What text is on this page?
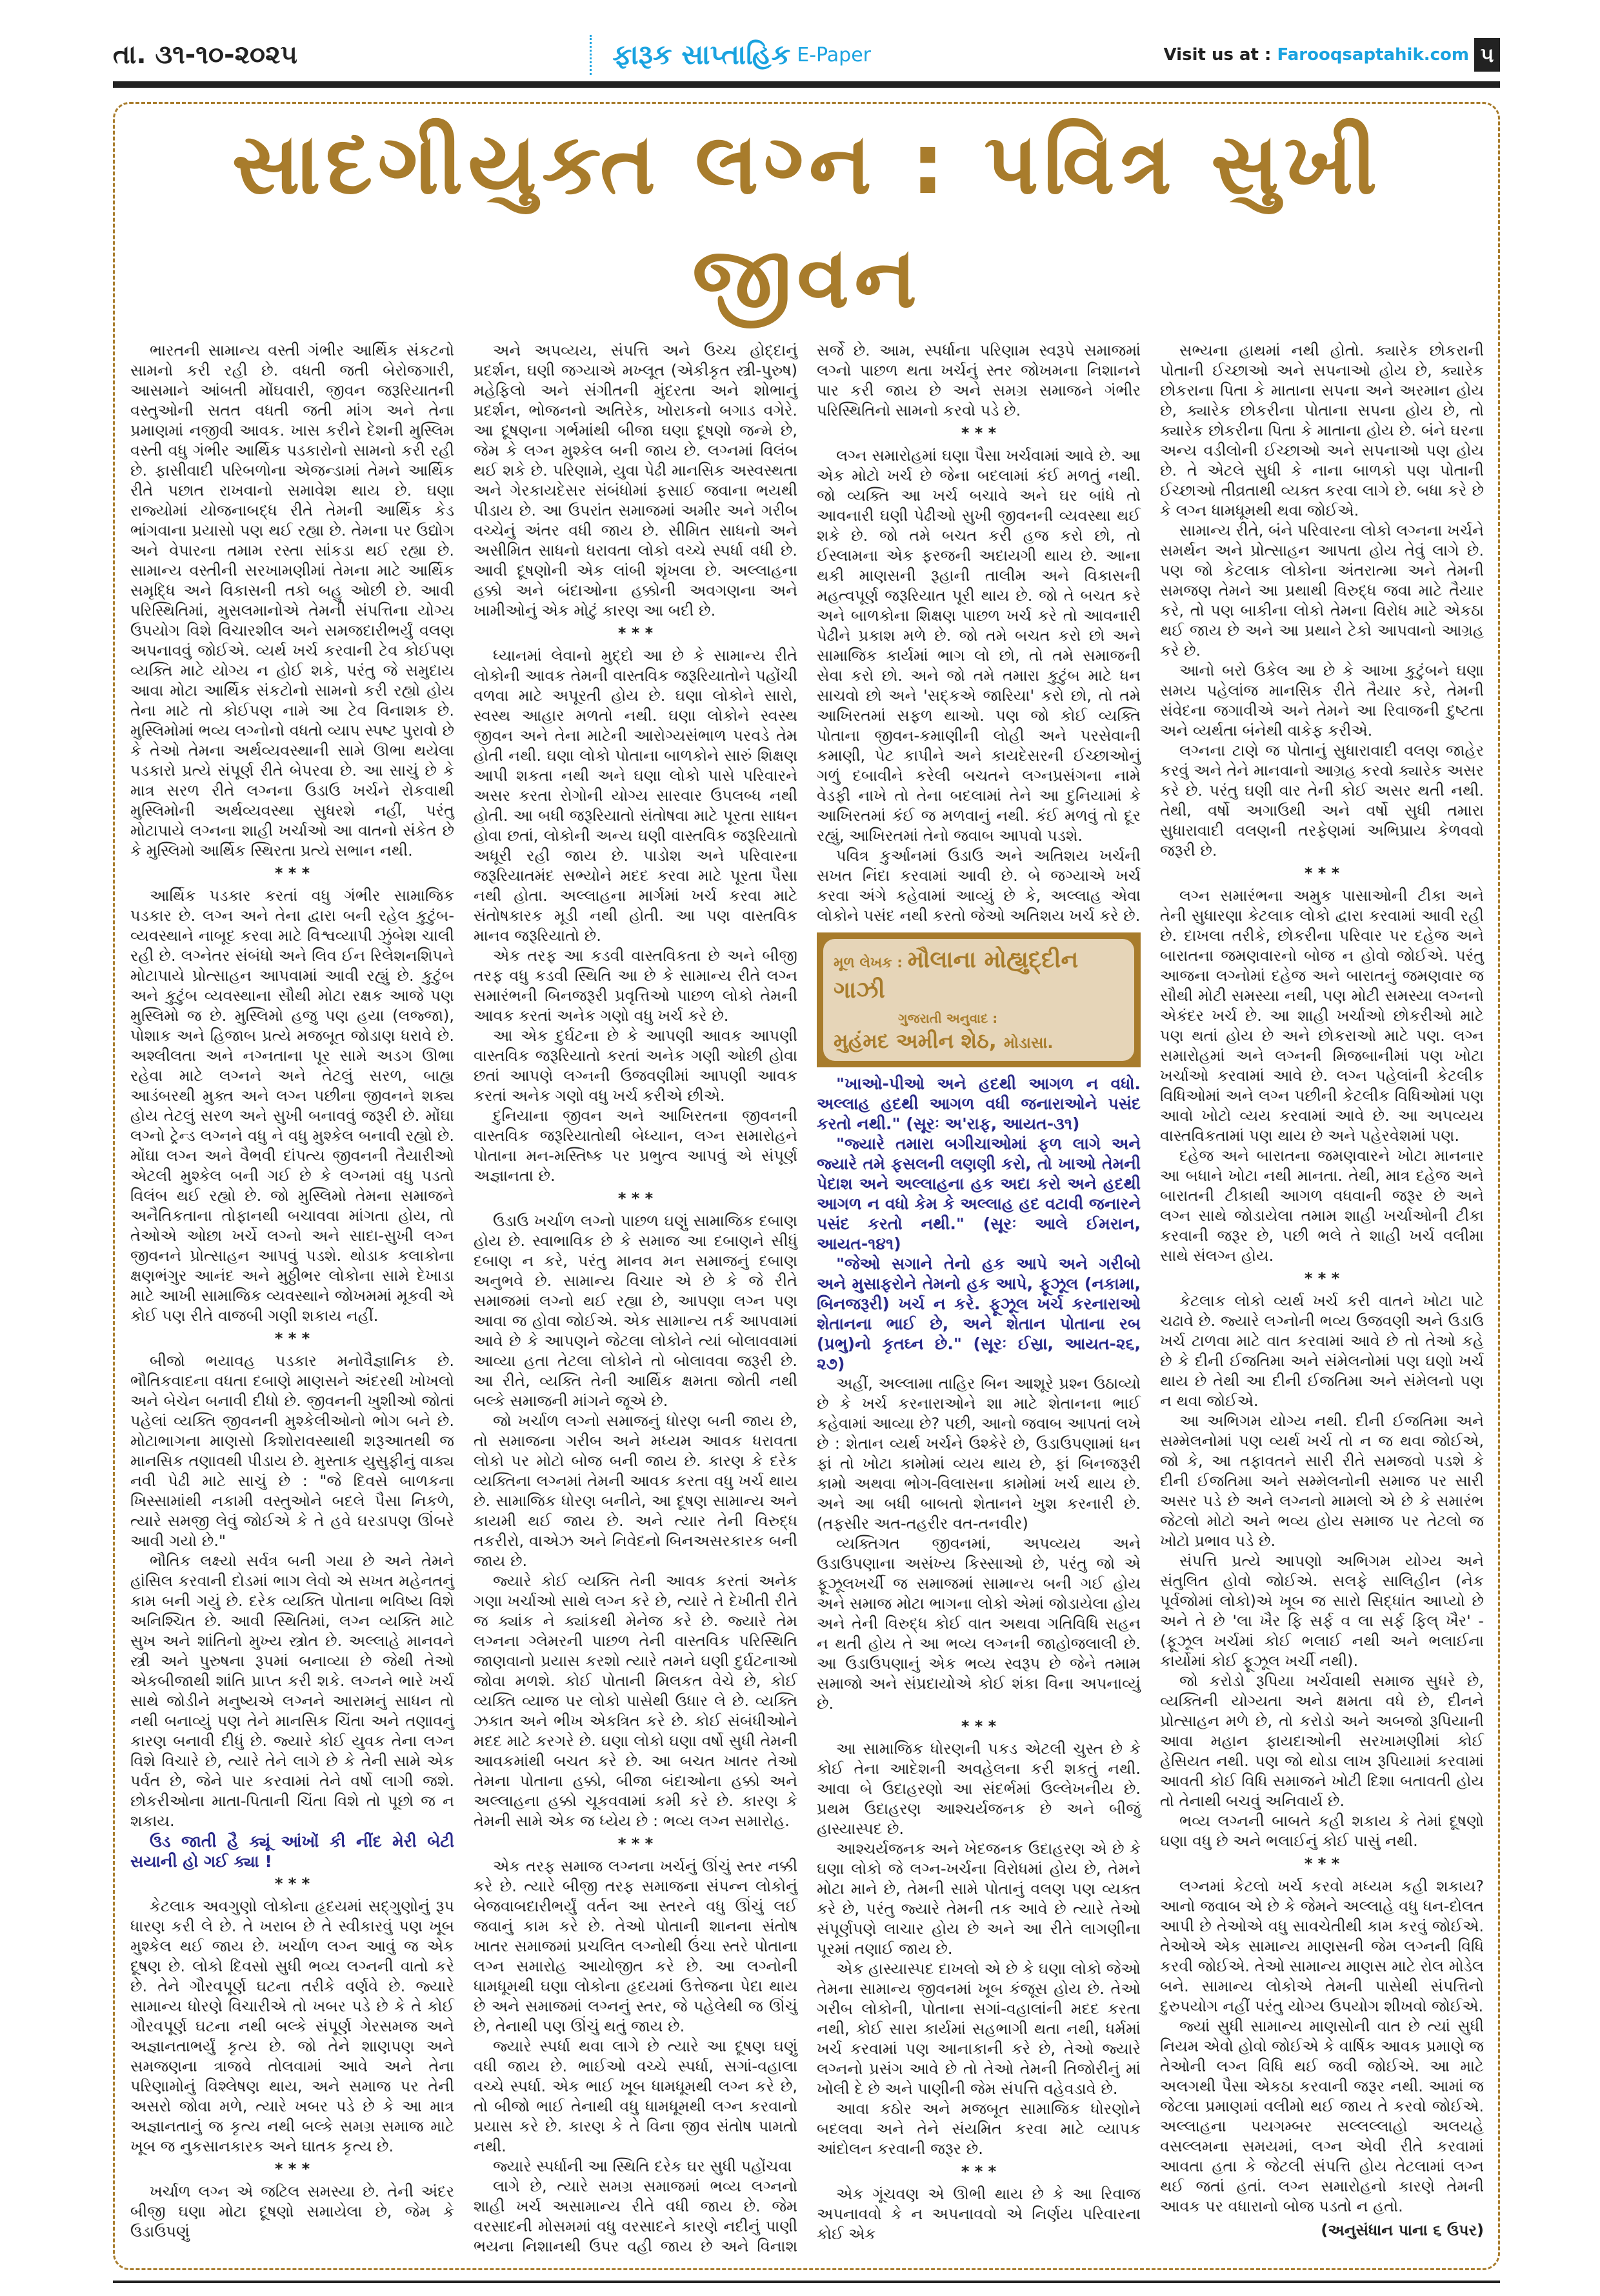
તા. ૩૧-૧૦-૨૦૨૫	ફારૂક સાપ્તાહિક E-Paper	Visit us at : Farooqsaptahik.com ૫
સાદગીયુક્ત લગ્ન : પવિત્ર સુખી જીવન

ભારતની સામાન્ય વસ્તી ગંભીર આર્થિક સંકટનો સામનો કરી રહી છે. વધતી જતી બેરોજગારી, આસમાને આંબતી મોંઘવારી, જીવન જરૂરિયાતની વસ્તુઓની સતત વધતી જતી માંગ અને તેના પ્રમાણમાં નજીવી આવક. ખાસ કરીને દેશની મુસ્લિમ વસ્તી વધુ ગંભીર આર્થિક પડકારોનો સામનો કરી રહી છે. ફાસીવાદી પરિબળોના એજન્ડામાં તેમને આર્થિક રીતે પછાત રાખવાનો સમાવેશ થાય છે. ઘણા રાજ્યોમાં યોજનાબદ્ધ રીતે તેમની આર્થિક કેડ ભાંગવાના પ્રયાસો પણ થઈ રહ્યા છે. તેમના પર ઉદ્યોગ અને વેપારના તમામ રસ્તા સાંકડા થઈ રહ્યા છે. સામાન્ય વસ્તીની સરખામણીમાં તેમના માટે આર્થિક સમૃદ્ધિ અને વિકાસની તકો બહુ ઓછી છે. આવી પરિસ્થિતિમાં, મુસલમાનોએ તેમની સંપત્તિના યોગ્ય ઉપયોગ વિશે વિચારશીલ અને સમજદારીભર્યું વલણ અપનાવવું જોઈએ. વ્યર્થ ખર્ચ કરવાની ટેવ કોઈપણ વ્યક્તિ માટે યોગ્ય ન હોઈ શકે, પરંતુ જે સમુદાય આવા મોટા આર્થિક સંકટોનો સામનો કરી રહ્યો હોય તેના માટે તો કોઈપણ નામે આ ટેવ વિનાશક છે. મુસ્લિમોમાં ભવ્ય લગ્નોનો વધતો વ્યાપ સ્પષ્ટ પુરાવો છે કે તેઓ તેમના અર્થવ્યવસ્થાની સામે ઊભા થયેલા પડકારો પ્રત્યે સંપૂર્ણ રીતે બેપરવા છે. આ સાચું છે કે માત્ર સરળ રીતે લગ્નના ઉડાઉ ખર્ચને રોકવાથી મુસ્લિમોની અર્થવ્યવસ્થા સુધરશે નહીં, પરંતુ મોટાપાયે લગ્નના શાહી ખર્ચાઓ આ વાતનો સંકેત છે કે મુસ્લિમો આર્થિક સ્થિરતા પ્રત્યે સભાન નથી.

* * *

આર્થિક પડકાર કરતાં વધુ ગંભીર સામાજિક પડકાર છે. લગ્ન અને તેના દ્વારા બની રહેલ કુટુંબ-વ્યવસ્થાને નાબૂદ કરવા માટે વિશ્વવ્યાપી ઝુંબેશ ચાલી રહી છે. લગ્નેતર સંબંધો અને લિવ ઈન રિલેશનશિપને મોટાપાયે પ્રોત્સાહન આપવામાં આવી રહ્યું છે. કુટુંબ અને કુટુંબ વ્યવસ્થાના સૌથી મોટા રક્ષક આજે પણ મુસ્લિમો જ છે. મુસ્લિમો હજુ પણ હયા (લજ્જા), પોશાક અને હિજાબ પ્રત્યે મજબૂત જોડાણ ધરાવે છે. અશ્લીલતા અને નગ્નતાના પૂર સામે અડગ ઊભા રહેવા માટે લગ્નને અને તેટલું સરળ, બાહ્ય આડંબરથી મુક્ત અને લગ્ન પછીના જીવનને શક્ય હોય તેટલું સરળ અને સુખી બનાવવું જરૂરી છે. મોંઘા લગ્નો ટ્રેન્ડ લગ્નને વધુ ને વધુ મુશ્કેલ બનાવી રહ્યો છે. મોંઘા લગ્ન અને વૈભવી દાંપત્ય જીવનની તૈયારીઓ એટલી મુશ્કેલ બની ગઈ છે કે લગ્નમાં વધુ પડતો વિલંબ થઈ રહ્યો છે. જો મુસ્લિમો તેમના સમાજને અનૈતિકતાના તોફાનથી બચાવવા માંગતા હોય, તો તેઓએ ઓછા ખર્ચે લગ્નો અને સાદા-સુખી લગ્ન જીવનને પ્રોત્સાહન આપવું પડશે. થોડાક કલાકોના ક્ષણભંગુર આનંદ અને મુઠ્ઠીભર લોકોના સામે દેખાડા માટે આખી સામાજિક વ્યવસ્થાને જોખમમાં મૂકવી એ કોઈ પણ રીતે વાજબી ગણી શકાય નહીં.

* * *

બીજો ભયાવહ પડકાર મનોવૈજ્ઞાનિક છે. ભૌતિકવાદના વધતા દબાણે માણસને અંદરથી ખોખલો અને બેચેન બનાવી દીધો છે. જીવનની ખુશીઓ જોતાં પહેલાં વ્યક્તિ જીવનની મુશ્કેલીઓનો ભોગ બને છે. મોટાભાગના માણસો કિશોરાવસ્થાથી શરૂઆતથી જ માનસિક તણાવથી પીડાય છે. મુસ્તાક યુસુફીનું વાક્ય નવી પેઢી માટે સાચું છે : "જે દિવસે બાળકના ખિસ્સામાંથી નકામી વસ્તુઓને બદલે પૈસા નિકળે, ત્યારે સમજી લેવું જોઈએ કે તે હવે ઘરડાપણ ઊંબરે આવી ગયો છે."

ભૌતિક લક્ષ્યો સર્વત્ર બની ગયા છે અને તેમને હાંસિલ કરવાની દોડમાં ભાગ લેવો એ સખત મહેનતનું કામ બની ગયું છે. દરેક વ્યક્તિ પોતાના ભવિષ્ય વિશે અનિશ્ચિત છે. આવી સ્થિતિમાં, લગ્ન વ્યક્તિ માટે સુખ અને શાંતિનો મુખ્ય સ્ત્રોત છે. અલ્લાહે માનવને સ્ત્રી અને પુરુષના રૂપમાં બનાવ્યા છે જેથી તેઓ એકબીજાથી શાંતિ પ્રાપ્ત કરી શકે. લગ્નને ભારે ખર્ચ સાથે જોડીને મનુષ્યએ લગ્નને આરામનું સાધન તો નથી બનાવ્યું પણ તેને માનસિક ચિંતા અને તણાવનું કારણ બનાવી દીધું છે. જ્યારે કોઈ યુવક તેના લગ્ન વિશે વિચારે છે, ત્યારે તેને લાગે છે કે તેની સામે એક પર્વત છે, જેને પાર કરવામાં તેને વર્ષો લાગી જશે. છોકરીઓના માતા-પિતાની ચિંતા વિશે તો પૂછો જ ન શકાય.

ઉડ જાતી હૈ ક્યૂં આંખોં કી નીંદ મેરી બેટી સયાની હો ગઈ ક્યા !

* * *

કેટલાક અવગુણો લોકોના હૃદયમાં સદ્ગુણોનું રૂપ ધારણ કરી લે છે. તે ખરાબ છે તે સ્વીકારવું પણ ખૂબ મુશ્કેલ થઈ જાય છે. ખર્ચાળ લગ્ન આવું જ એક દૂષણ છે. લોકો દિવસો સુધી ભવ્ય લગ્નની વાતો કરે છે. તેને ગૌરવપૂર્ણ ઘટના તરીકે વર્ણવે છે. જ્યારે સામાન્ય ધોરણે વિચારીએ તો ખબર પડે છે કે તે કોઈ ગૌરવપૂર્ણ ઘટના નથી બલ્કે સંપૂર્ણ ગેરસમજ અને અજ્ઞાનતાભર્યું કૃત્ય છે. જો તેને શાણપણ અને સમજણના ત્રાજવે તોલવામાં આવે અને તેના પરિણામોનું વિશ્લેષણ થાય, અને સમાજ પર તેની અસરો જોવા મળે, ત્યારે ખબર પડે છે કે આ માત્ર અજ્ઞાનતાનું જ કૃત્ય નથી બલ્કે સમગ્ર સમાજ માટે ખૂબ જ નુકસાનકારક અને ઘાતક કૃત્ય છે.

* * *

ખર્ચાળ લગ્ન એ જટિલ સમસ્યા છે. તેની અંદર બીજી ઘણા મોટા દૂષણો સમાયેલા છે, જેમ કે ઉડાઉપણું

અને અપવ્યય, સંપત્તિ અને ઉચ્ચ હોદ્દાનું પ્રદર્શન, ઘણી જગ્યાએ મખ્લૂત (એકીકૃત સ્ત્રી-પુરુષ) મહેફિલો અને સંગીતની મુંદરતા અને શોભાનું પ્રદર્શન, ભોજનનો અતિરેક, ખોરાકનો બગાડ વગેરે. આ દૂષણના ગર્ભમાંથી બીજા ઘણા દૂષણો જન્મે છે, જેમ કે લગ્ન મુશ્કેલ બની જાય છે. લગ્નમાં વિલંબ થઈ શકે છે. પરિણામે, યુવા પેઢી માનસિક અસ્વસ્થતા અને ગેરકાયદેસર સંબંધોમાં ફસાઈ જવાના ભયથી પીડાય છે. આ ઉપરાંત સમાજમાં અમીર અને ગરીબ વચ્ચેનું અંતર વધી જાય છે. સીમિત સાધનો અને અસીમિત સાધનો ધરાવતા લોકો વચ્ચે સ્પર્ધા વધી છે. આવી દૂષણોની એક લાંબી શૃંખલા છે. અલ્લાહના હક્કો અને બંદાઓના હક્કોની અવગણના અને ખામીઓનું એક મોટું કારણ આ બદી છે.

* * *

ધ્યાનમાં લેવાનો મુદ્દો આ છે કે સામાન્ય રીતે લોકોની આવક તેમની વાસ્તવિક જરૂરિયાતોને પહોંચી વળવા માટે અપૂરતી હોય છે. ઘણા લોકોને સારો, સ્વસ્થ આહાર મળતો નથી. ઘણા લોકોને સ્વસ્થ જીવન અને તેના માટેની આરોગ્યસંભાળ પરવડે તેમ હોતી નથી. ઘણા લોકો પોતાના બાળકોને સારું શિક્ષણ આપી શકતા નથી અને ઘણા લોકો પાસે પરિવારને અસર કરતા રોગોની યોગ્ય સારવાર ઉપલબ્ધ નથી હોતી. આ બધી જરૂરિયાતો સંતોષવા માટે પૂરતા સાધન હોવા છતાં, લોકોની અન્ય ઘણી વાસ્તવિક જરૂરિયાતો અધૂરી રહી જાય છે. પાડોશ અને પરિવારના જરૂરિયાતમંદ સભ્યોને મદદ કરવા માટે પૂરતા પૈસા નથી હોતા. અલ્લાહના માર્ગમાં ખર્ચ કરવા માટે સંતોષકારક મૂડી નથી હોતી. આ પણ વાસ્તવિક માનવ જરૂરિયાતો છે.

એક તરફ આ કડવી વાસ્તવિકતા છે અને બીજી તરફ વધુ કડવી સ્થિતિ આ છે કે સામાન્ય રીતે લગ્ન સમારંભની બિનજરૂરી પ્રવૃત્તિઓ પાછળ લોકો તેમની આવક કરતાં અનેક ગણો વધુ ખર્ચ કરે છે.

આ એક દુર્ઘટના છે કે આપણી આવક આપણી વાસ્તવિક જરૂરિયાતો કરતાં અનેક ગણી ઓછી હોવા છતાં આપણે લગ્નની ઉજવણીમાં આપણી આવક કરતાં અનેક ગણો વધુ ખર્ચ કરીએ છીએ.

દુનિયાના જીવન અને આખિરતના જીવનની વાસ્તવિક જરૂરિયાતોથી બેધ્યાન, લગ્ન સમારોહને પોતાના મન-મસ્તિષ્ક પર પ્રભુત્વ આપવું એ સંપૂર્ણ અજ્ઞાનતા છે.

* * *

ઉડાઉ ખર્ચાળ લગ્નો પાછળ ઘણું સામાજિક દબાણ હોય છે. સ્વાભાવિક છે કે સમાજ આ દબાણને સીધું દબાણ ન કરે, પરંતુ માનવ મન સમાજનું દબાણ અનુભવે છે. સામાન્ય વિચાર એ છે કે જે રીતે સમાજમાં લગ્નો થઈ રહ્યા છે, આપણા લગ્ન પણ આવા જ હોવા જોઈએ. એક સામાન્ય તર્ક આપવામાં આવે છે કે આપણને જેટલા લોકોને ત્યાં બોલાવવામાં આવ્યા હતા તેટલા લોકોને તો બોલાવવા જરૂરી છે. આ રીતે, વ્યક્તિ તેની આર્થિક ક્ષમતા જોતી નથી બલ્કે સમાજની માંગને જૂએ છે.

જો ખર્ચાળ લગ્નો સમાજનું ધોરણ બની જાય છે, તો સમાજના ગરીબ અને મધ્યમ આવક ધરાવતા લોકો પર મોટો બોજ બની જાય છે. કારણ કે દરેક વ્યક્તિના લગ્નમાં તેમની આવક કરતા વધુ ખર્ચ થાય છે. સામાજિક ધોરણ બનીને, આ દૂષણ સામાન્ય અને કાયમી થઈ જાય છે. અને ત્યાર તેની વિરુદ્ધ તકરીરો, વાએઝ અને નિવેદનો બિનઅસરકારક બની જાય છે.

જ્યારે કોઈ વ્યક્તિ તેની આવક કરતાં અનેક ગણા ખર્ચાઓ સાથે લગ્ન કરે છે, ત્યારે તે દેખીતી રીતે જ ક્યાંક ને ક્યાંકથી મેનેજ કરે છે. જ્યારે તેમ લગ્નના ગ્લેમરની પાછળ તેની વાસ્તવિક પરિસ્થિતિ જાણવાનો પ્રયાસ કરશો ત્યારે તમને ઘણી દુર્ઘટનાઓ જોવા મળશે. કોઈ પોતાની મિલકત વેચે છે, કોઈ વ્યક્તિ વ્યાજ પર લોકો પાસેથી ઉધાર લે છે. વ્યક્તિ ઝકાત અને ભીખ એકત્રિત કરે છે. કોઈ સંબંધીઓને મદદ માટે કરગરે છે. ઘણા લોકો ઘણા વર્ષો સુધી તેમની આવકમાંથી બચત કરે છે. આ બચત ખાતર તેઓ તેમના પોતાના હક્કો, બીજા બંદાઓના હક્કો અને અલ્લાહના હક્કો ચૂકવવામાં કમી કરે છે. કારણ કે તેમની સામે એક જ ધ્યેય છે : ભવ્ય લગ્ન સમારોહ.

* * *

એક તરફ સમાજ લગ્નના ખર્ચનું ઊંચું સ્તર નક્કી કરે છે. ત્યારે બીજી તરફ સમાજના સંપન્ન લોકોનું બેજવાબદારીભર્યું વર્તન આ સ્તરને વધુ ઊંચું લઈ જવાનું કામ કરે છે. તેઓ પોતાની શાનના સંતોષ ખાતર સમાજમાં પ્રચલિત લગ્નોથી ઉંચા સ્તરે પોતાના લગ્ન સમારોહ આયોજીત કરે છે. આ લગ્નોની ધામધૂમથી ઘણા લોકોના હૃદયમાં ઉત્તેજના પેદા થાય છે અને સમાજમાં લગ્નનું સ્તર, જે પહેલેથી જ ઊંચું છે, તેનાથી પણ ઊંચું થતું જાય છે.

જ્યારે સ્પર્ધા થવા લાગે છે ત્યારે આ દૂષણ ઘણું વધી જાય છે. ભાઈઓ વચ્ચે સ્પર્ધા, સગાં-વહાલા વચ્ચે સ્પર્ધા. એક ભાઈ ખૂબ ધામધૂમથી લગ્ન કરે છે, તો બીજો ભાઈ તેનાથી વધુ ધામધૂમથી લગ્ન કરવાનો પ્રયાસ કરે છે. કારણ કે તે વિના જીવ સંતોષ પામતો નથી.

જ્યારે સ્પર્ધાની આ સ્થિતિ દરેક ઘર સુધી પહોંચવા

લાગે છે, ત્યારે સમગ્ર સમાજમાં ભવ્ય લગ્નનો શાહી ખર્ચ અસામાન્ય રીતે વધી જાય છે. જેમ વરસાદની મોસમમાં વધુ વરસાદને કારણે નદીનું પાણી ભયના નિશાનથી ઉપર વહી જાય છે અને વિનાશ સર્જે છે. આમ, સ્પર્ધાના પરિણામ સ્વરૂપે સમાજમાં લગ્નો પાછળ થતા ખર્ચનું સ્તર જોખમના નિશાનને પાર કરી જાય છે અને સમગ્ર સમાજને ગંભીર પરિસ્થિતિનો સામનો કરવો પડે છે.

* * *

લગ્ન સમારોહમાં ઘણા પૈસા ખર્ચવામાં આવે છે. આ એક મોટો ખર્ચ છે જેના બદલામાં કંઈ મળતું નથી. જો વ્યક્તિ આ ખર્ચ બચાવે અને ઘર બાંધે તો આવનારી ઘણી પેઢીઓ સુખી જીવનની વ્યવસ્થા થઈ શકે છે. જો તમે બચત કરી હજ કરો છો, તો ઈસ્લામના એક ફરજની અદાયગી થાય છે. આના થકી માણસની રૂહાની તાલીમ અને વિકાસની મહત્વપૂર્ણ જરૂરિયાત પૂરી થાય છે. જો તે બચત કરે અને બાળકોના શિક્ષણ પાછળ ખર્ચ કરે તો આવનારી પેઢીને પ્રકાશ મળે છે. જો તમે બચત કરો છો અને સામાજિક કાર્યમાં ભાગ લો છો, તો તમે સમાજની સેવા કરો છો. અને જો તમે તમારા કુટુંબ માટે ધન સાચવો છો અને 'સદ્કએ જારિયા' કરો છો, તો તમે આખિરતમાં સફળ થાઓ. પણ જો કોઈ વ્યક્તિ પોતાના જીવન-કમાણીની લોહી અને પરસેવાની કમાણી, પેટ કાપીને અને કાયદેસરની ઈચ્છાઓનું ગળું દબાવીને કરેલી બચતને લગ્નપ્રસંગના નામે વેડફી નાખે તો તેના બદલામાં તેને આ દુનિયામાં કે આખિરતમાં કંઈ જ મળવાનું નથી. કંઈ મળવું તો દૂર રહ્યું, આખિરતમાં તેનો જવાબ આપવો પડશે.

પવિત્ર કુર્આનમાં ઉડાઉ અને અતિશય ખર્ચની સખત નિંદા કરવામાં આવી છે. બે જગ્યાએ ખર્ચ કરવા અંગે કહેવામાં આવ્યું છે કે, અલ્લાહ એવા લોકોને પસંદ નથી કરતો જેઓ અતિશય ખર્ચ કરે છે.

મૂળ લેખક : મૌલાના મોહ્યુદ્દીન ગાઝી
ગુજરાતી અનુવાદ :
મુહંમદ અમીન શેઠ, મોડાસા.

"ખાઓ-પીઓ અને હદથી આગળ ન વધો. અલ્લાહ હદથી આગળ વધી જનારાઓને પસંદ કરતો નથી." (સૂરઃ અ'રાફ, આયત-૩૧)

"જ્યારે તમારા બગીચાઓમાં ફળ લાગે અને જ્યારે તમે ફસલની લણણી કરો, તો ખાઓ તેમની પેદાશ અને અલ્લાહના હક અદા કરો અને હદથી આગળ ન વધો કેમ કે અલ્લાહ હદ વટાવી જનારને પસંદ કરતો નથી." (સૂરઃ આલે ઈમરાન, આયત-૧૪૧)

"જેઓ સગાને તેનો હક આપે અને ગરીબો અને મુસાફરોને તેમનો હક આપે, ફૂઝૂલ (નકામા, બિનજરૂરી) ખર્ચ ન કરે. ફૂઝૂલ ખર્ચ કરનારાઓ શેતાનના ભાઈ છે, અને શેતાન પોતાના રબ (પ્રભુ)નો કૃતઘ્ન છે." (સૂરઃ ઈસ્રા, આયત-૨૬, ૨૭)

અહીં, અલ્લામા તાહિર બિન આશૂરે પ્રશ્ન ઉઠાવ્યો છે કે ખર્ચ કરનારાઓને શા માટે શેતાનના ભાઈ કહેવામાં આવ્યા છે? પછી, આનો જવાબ આપતાં લખે છે : શેતાન વ્યર્થ ખર્ચને ઉશ્કેરે છે, ઉડાઉપણામાં ધન ફાં તો ખોટા કામોમાં વ્યય થાય છે, ફાં બિનજરૂરી કામો અથવા ભોગ-વિલાસના કામોમાં ખર્ચ થાય છે. અને આ બધી બાબતો શેતાનને ખુશ કરનારી છે. (તફસીર અત-તહરીર વત-તનવીર)

વ્યક્તિગત જીવનમાં, અપવ્યય અને ઉડાઉપણાના અસંખ્ય કિસ્સાઓ છે, પરંતુ જો એ ફૂઝૂલખર્ચી જ સમાજમાં સામાન્ય બની ગઈ હોય અને સમાજ મોટા ભાગના લોકો એમાં જોડાયેલા હોય અને તેની વિરુદ્ધ કોઈ વાત અથવા ગતિવિધિ સહન ન થતી હોય તે આ ભવ્ય લગ્નની જાહોજલાલી છે. આ ઉડાઉપણાનું એક ભવ્ય સ્વરૂપ છે જેને તમામ સમાજો અને સંપ્રદાયોએ કોઈ શંકા વિના અપનાવ્યું છે.

* * *

આ સામાજિક ધોરણની પકડ એટલી ચુસ્ત છે કે કોઈ તેના આદેશની અવહેલના કરી શકતું નથી. આવા બે ઉદાહરણો આ સંદર્ભમાં ઉલ્લેખનીય છે. પ્રથમ ઉદાહરણ આશ્ચર્યજનક છે અને બીજું હાસ્યાસ્પદ છે.

આશ્ચર્યજનક અને ખેદજનક ઉદાહરણ એ છે કે ઘણા લોકો જે લગ્ન-ખર્ચના વિરોધમાં હોય છે, તેમને મોટા માને છે, તેમની સામે પોતાનું વલણ પણ વ્યક્ત કરે છે, પરંતુ જ્યારે તેમની તક આવે છે ત્યારે તેઓ સંપૂર્ણપણે લાચાર હોય છે અને આ રીતે લાગણીના પૂરમાં તણાઈ જાય છે.

એક હાસ્યાસ્પદ દાખલો એ છે કે ઘણા લોકો જેઓ તેમના સામાન્ય જીવનમાં ખૂબ કંજૂસ હોય છે. તેઓ ગરીબ લોકોની, પોતાના સગાં-વહાલાંની મદદ કરતા નથી, કોઈ સારા કાર્યમાં સહભાગી થતા નથી, ધર્મમાં ખર્ચ કરવામાં પણ આનાકાની કરે છે, તેઓ જ્યારે લગ્નનો પ્રસંગ આવે છે તો તેઓ તેમની તિજોરીનું માં ખોલી દે છે અને પાણીની જેમ સંપત્તિ વહેવડાવે છે.

આવા કઠોર અને મજબૂત સામાજિક ધોરણોને બદલવા અને તેને સંયમિત કરવા માટે વ્યાપક આંદોલન કરવાની જરૂર છે.

* * *

એક ગૂંચવણ એ ઊભી થાય છે કે આ રિવાજ અપનાવવો કે ન અપનાવવો એ નિર્ણય પરિવારના કોઈ એક

સભ્યના હાથમાં નથી હોતો. ક્યારેક છોકરાની પોતાની ઈચ્છાઓ અને સપનાઓ હોય છે, ક્યારેક છોકરાના પિતા કે માતાના સપના અને અરમાન હોય છે, ક્યારેક છોકરીના પોતાના સપના હોય છે, તો ક્યારેક છોકરીના પિતા કે માતાના હોય છે. બંને ઘરના અન્ય વડીલોની ઈચ્છાઓ અને સપનાઓ પણ હોય છે. તે એટલે સુધી કે નાના બાળકો પણ પોતાની ઈચ્છાઓ તીવ્રતાથી વ્યક્ત કરવા લાગે છે. બધા કરે છે કે લગ્ન ધામધૂમથી થવા જોઈએ.

સામાન્ય રીતે, બંને પરિવારના લોકો લગ્નના ખર્ચને સમર્થન અને પ્રોત્સાહન આપતા હોય તેવું લાગે છે. પણ જો કેટલાક લોકોના અંતરાત્મા અને તેમની સમજણ તેમને આ પ્રથાથી વિરુદ્ધ જવા માટે તૈયાર કરે, તો પણ બાકીના લોકો તેમના વિરોધ માટે એકઠા થઈ જાય છે અને આ પ્રથાને ટેકો આપવાનો આગ્રહ કરે છે.

આનો બરો ઉકેલ આ છે કે આખા કુટુંબને ઘણા સમય પહેલાંજ માનસિક રીતે તૈયાર કરે, તેમની સંવેદના જગાવીએ અને તેમને આ રિવાજની દુષ્ટતા અને વ્યર્થતા બંનેથી વાકેફ કરીએ.

લગ્નના ટાણે જ પોતાનું સુધારાવાદી વલણ જાહેર કરવું અને તેને માનવાનો આગ્રહ કરવો ક્યારેક અસર કરે છે. પરંતુ ઘણી વાર તેની કોઈ અસર થતી નથી. તેથી, વર્ષો અગાઉથી અને વર્ષો સુધી તમારા સુધારાવાદી વલણની તરફેણમાં અભિપ્રાય કેળવવો જરૂરી છે.

* * *

લગ્ન સમારંભના અમુક પાસાઓની ટીકા અને તેની સુધારણા કેટલાક લોકો દ્વારા કરવામાં આવી રહી છે. દાખલા તરીકે, છોકરીના પરિવાર પર દહેજ અને બારાતના જમણવારનો બોજ ન હોવો જોઈએ. પરંતુ આજના લગ્નોમાં દહેજ અને બારાતનું જમણવાર જ સૌથી મોટી સમસ્યા નથી, પણ મોટી સમસ્યા લગ્નનો એકંદર ખર્ચ છે. આ શાહી ખર્ચાઓ છોકરીઓ માટે પણ થતાં હોય છે અને છોકરાઓ માટે પણ. લગ્ન સમારોહમાં અને લગ્નની મિજબાનીમાં પણ ખોટા ખર્ચાઓ કરવામાં આવે છે. લગ્ન પહેલાંની કેટલીક વિધિઓમાં અને લગ્ન પછીની કેટલીક વિધિઓમાં પણ આવો ખોટો વ્યય કરવામાં આવે છે. આ અપવ્યય વાસ્તવિકતામાં પણ થાય છે અને પહેરવેશમાં પણ.

દહેજ અને બારાતના જમણવારને ખોટા માનનાર આ બધાને ખોટા નથી માનતા. તેથી, માત્ર દહેજ અને બારાતની ટીકાથી આગળ વધવાની જરૂર છે અને લગ્ન સાથે જોડાયેલા તમામ શાહી ખર્ચાઓની ટીકા કરવાની જરૂર છે, પછી ભલે તે શાહી ખર્ચ વલીમા સાથે સંલગ્ન હોય.

* * *

કેટલાક લોકો વ્યર્થ ખર્ચ કરી વાતને ખોટા પાટે ચઢાવે છે. જ્યારે લગ્નોની ભવ્ય ઉજવણી અને ઉડાઉ ખર્ચ ટાળવા માટે વાત કરવામાં આવે છે તો તેઓ કહે છે કે દીની ઈજતિમા અને સંમેલનોમાં પણ ઘણો ખર્ચ થાય છે તેથી આ દીની ઈજતિમા અને સંમેલનો પણ ન થવા જોઈએ.

આ અભિગમ યોગ્ય નથી. દીની ઈજતિમા અને સમ્મેલનોમાં પણ વ્યર્થ ખર્ચ તો ન જ થવા જોઈએ, જો કે, આ તફાવતને સારી રીતે સમજવો પડશે કે દીની ઈજતિમા અને સમ્મેલનોની સમાજ પર સારી અસર પડે છે અને લગ્નનો મામલો એ છે કે સમારંભ જેટલો મોટો અને ભવ્ય હોય સમાજ પર તેટલો જ ખોટો પ્રભાવ પડે છે.

સંપત્તિ પ્રત્યે આપણો અભિગમ યોગ્ય અને સંતુલિત હોવો જોઈએ. સલફે સાલિહીન (નેક પૂર્વજોમાં લોકો)એ ખૂબ જ સારો સિદ્ધાંત આપ્યો છે અને તે છે 'લા ખૈર ફિ સર્ફ વ લા સર્ફ ફિલ્ ખૈર' - (ફૂઝૂલ ખર્ચમાં કોઈ ભલાઈ નથી અને ભલાઈના કાર્યોમાં કોઈ ફૂઝૂલ ખર્ચી નથી).

જો કરોડો રૂપિયા ખર્ચવાથી સમાજ સુધરે છે, વ્યક્તિની યોગ્યતા અને ક્ષમતા વધે છે, દીનને પ્રોત્સાહન મળે છે, તો કરોડો અને અબજો રૂપિયાની આવા મહાન ફાયદાઓની સરખામણીમાં કોઈ હેસિયત નથી. પણ જો થોડા લાખ રૂપિયામાં કરવામાં આવતી કોઈ વિધિ સમાજને ખોટી દિશા બતાવતી હોય તો તેનાથી બચવું અનિવાર્ય છે.

ભવ્ય લગ્નની બાબતે કહી શકાય કે તેમાં દૂષણો ઘણા વધુ છે અને ભલાઈનું કોઈ પાસું નથી.

* * *

લગ્નમાં કેટલો ખર્ચ કરવો મધ્યમ કહી શકાય? આનો જવાબ એ છે કે જેમને અલ્લાહે વધુ ધન-દોલત આપી છે તેઓએ વધુ સાવચેતીથી કામ કરવું જોઈએ. તેઓએ એક સામાન્ય માણસની જેમ લગ્નની વિધિ કરવી જોઈએ. તેઓ સામાન્ય માણસ માટે રોલ મોડેલ બને. સામાન્ય લોકોએ તેમની પાસેથી સંપત્તિનો દુરુપયોગ નહીં પરંતુ યોગ્ય ઉપયોગ શીખવો જોઈએ.

જ્યાં સુધી સામાન્ય માણસોની વાત છે ત્યાં સુધી નિયમ એવો હોવો જોઈએ કે વાર્ષિક આવક પ્રમાણે જ તેઓની લગ્ન વિધિ થઈ જવી જોઈએ. આ માટે અલગથી પૈસા એકઠા કરવાની જરૂર નથી. આમાં જ જેટલા પ્રમાણમાં વલીમો થઈ જાય તે કરવો જોઈએ. અલ્લાહના પયગમ્બર સલ્લલ્લાહો અલયહે વસલ્લમના સમયમાં, લગ્ન એવી રીતે કરવામાં આવતા હતા કે જેટલી સંપત્તિ હોય તેટલામાં લગ્ન થઈ જતાં હતાં. લગ્ન સમારોહનો કારણે તેમની આવક પર વધારાનો બોજ પડતો ન હતો.

(અનુસંધાન પાના ૬ ઉપર)
